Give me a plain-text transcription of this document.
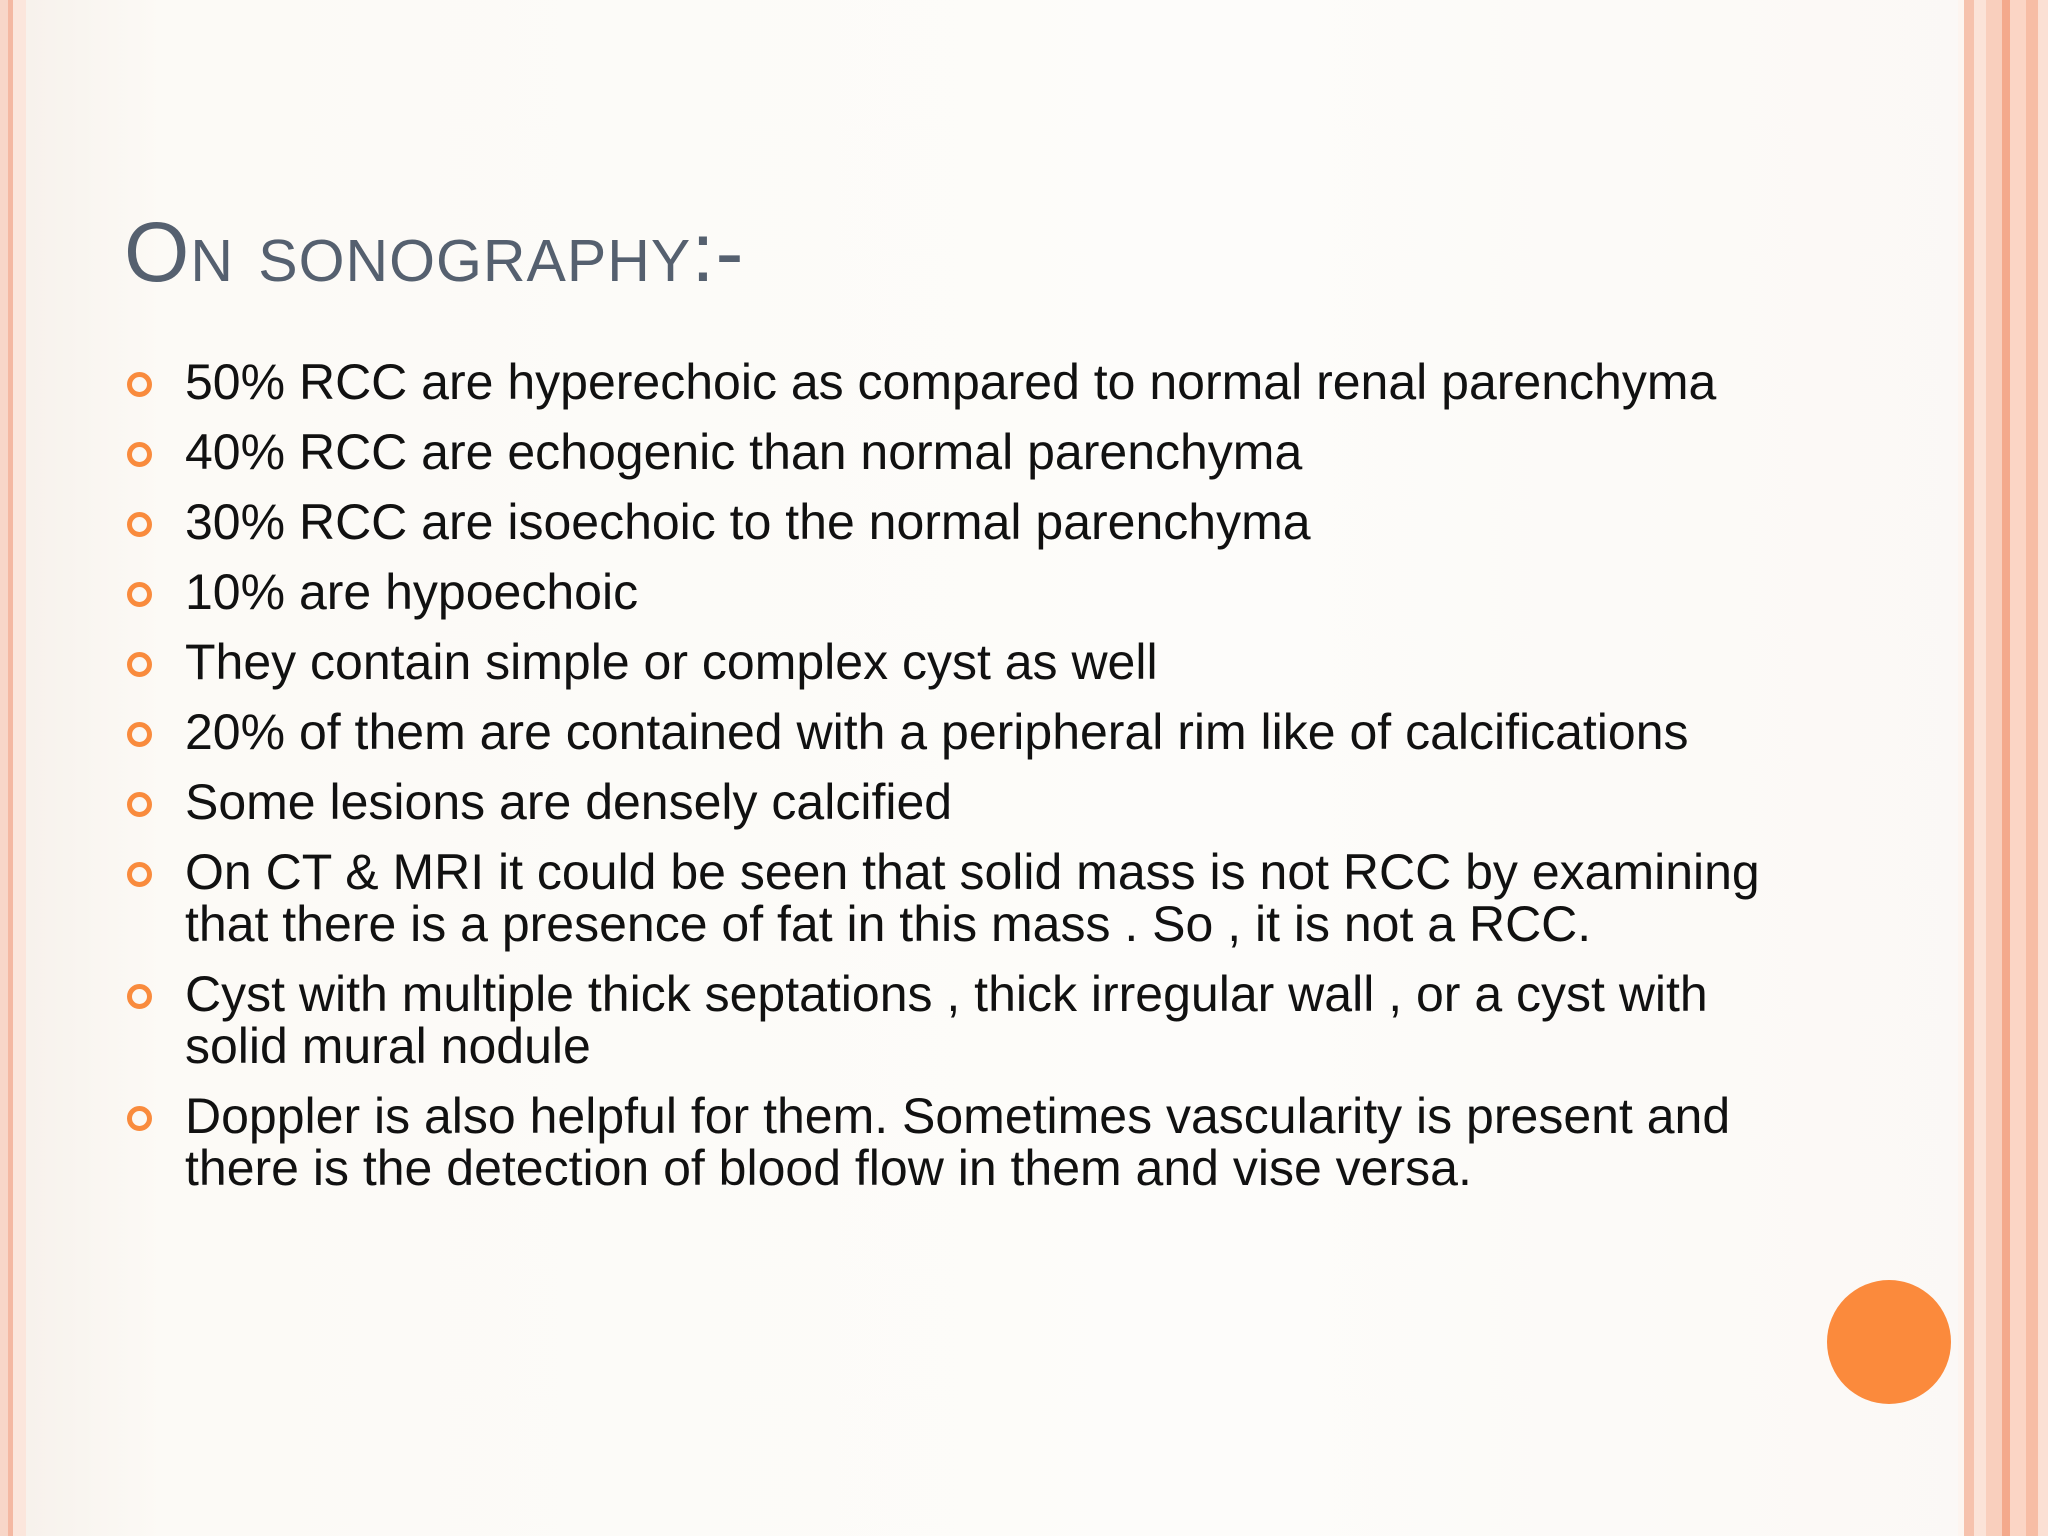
On sonography:-
50% RCC are hyperechoic as compared to normal renal parenchyma
40% RCC are echogenic than normal parenchyma
30% RCC are isoechoic to the normal parenchyma
10% are hypoechoic
They contain simple or complex cyst as well
20% of them are contained with a peripheral rim like of calcifications
Some lesions are densely calcified
On CT & MRI it could be seen that solid mass is not RCC by examining that there is a presence of fat in this mass . So , it is not a RCC.
Cyst with multiple thick septations , thick irregular wall , or a cyst with solid mural nodule
Doppler is also helpful for them. Sometimes vascularity is present and there is the detection of blood flow in them and vise versa.
